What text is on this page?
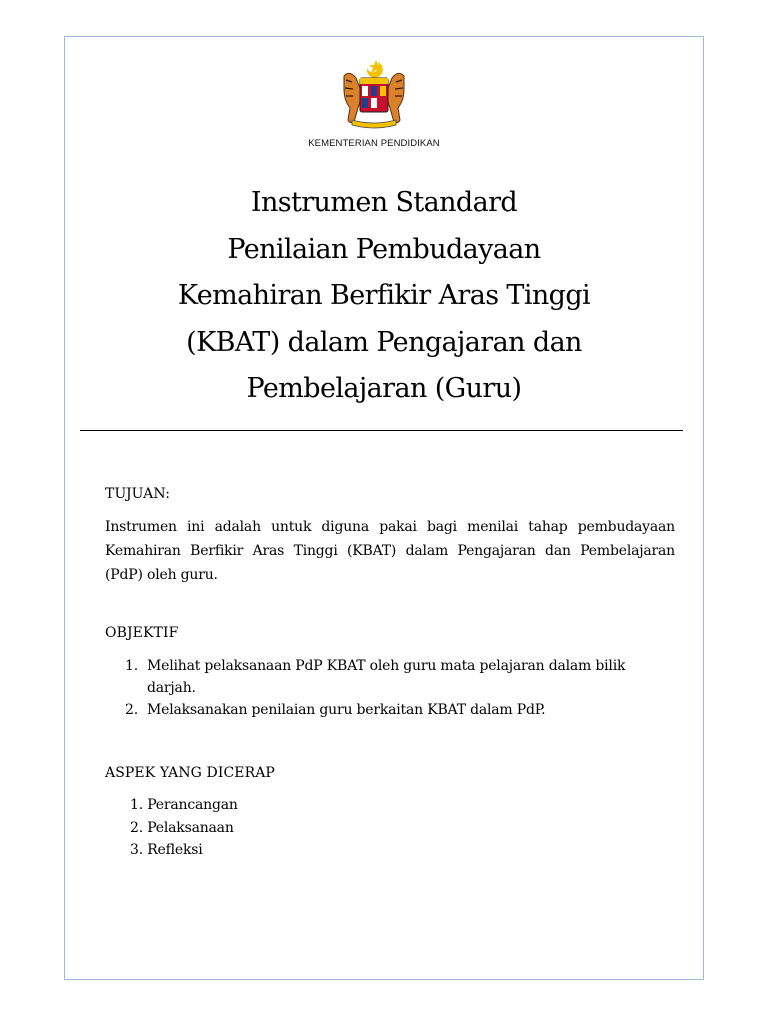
KEMENTERIAN PENDIDIKAN
Instrumen Standard
Penilaian Pembudayaan
Kemahiran Berfikir Aras Tinggi
(KBAT) dalam Pengajaran dan
Pembelajaran (Guru)
TUJUAN:
Instrumen ini adalah untuk diguna pakai bagi menilai tahap pembudayaan Kemahiran Berfikir Aras Tinggi (KBAT) dalam Pengajaran dan Pembelajaran (PdP) oleh guru.
OBJEKTIF
1. Melihat pelaksanaan PdP KBAT oleh guru mata pelajaran dalam bilik darjah.
2. Melaksanakan penilaian guru berkaitan KBAT dalam PdP.
ASPEK YANG DICERAP
1. Perancangan
2. Pelaksanaan
3. Refleksi
